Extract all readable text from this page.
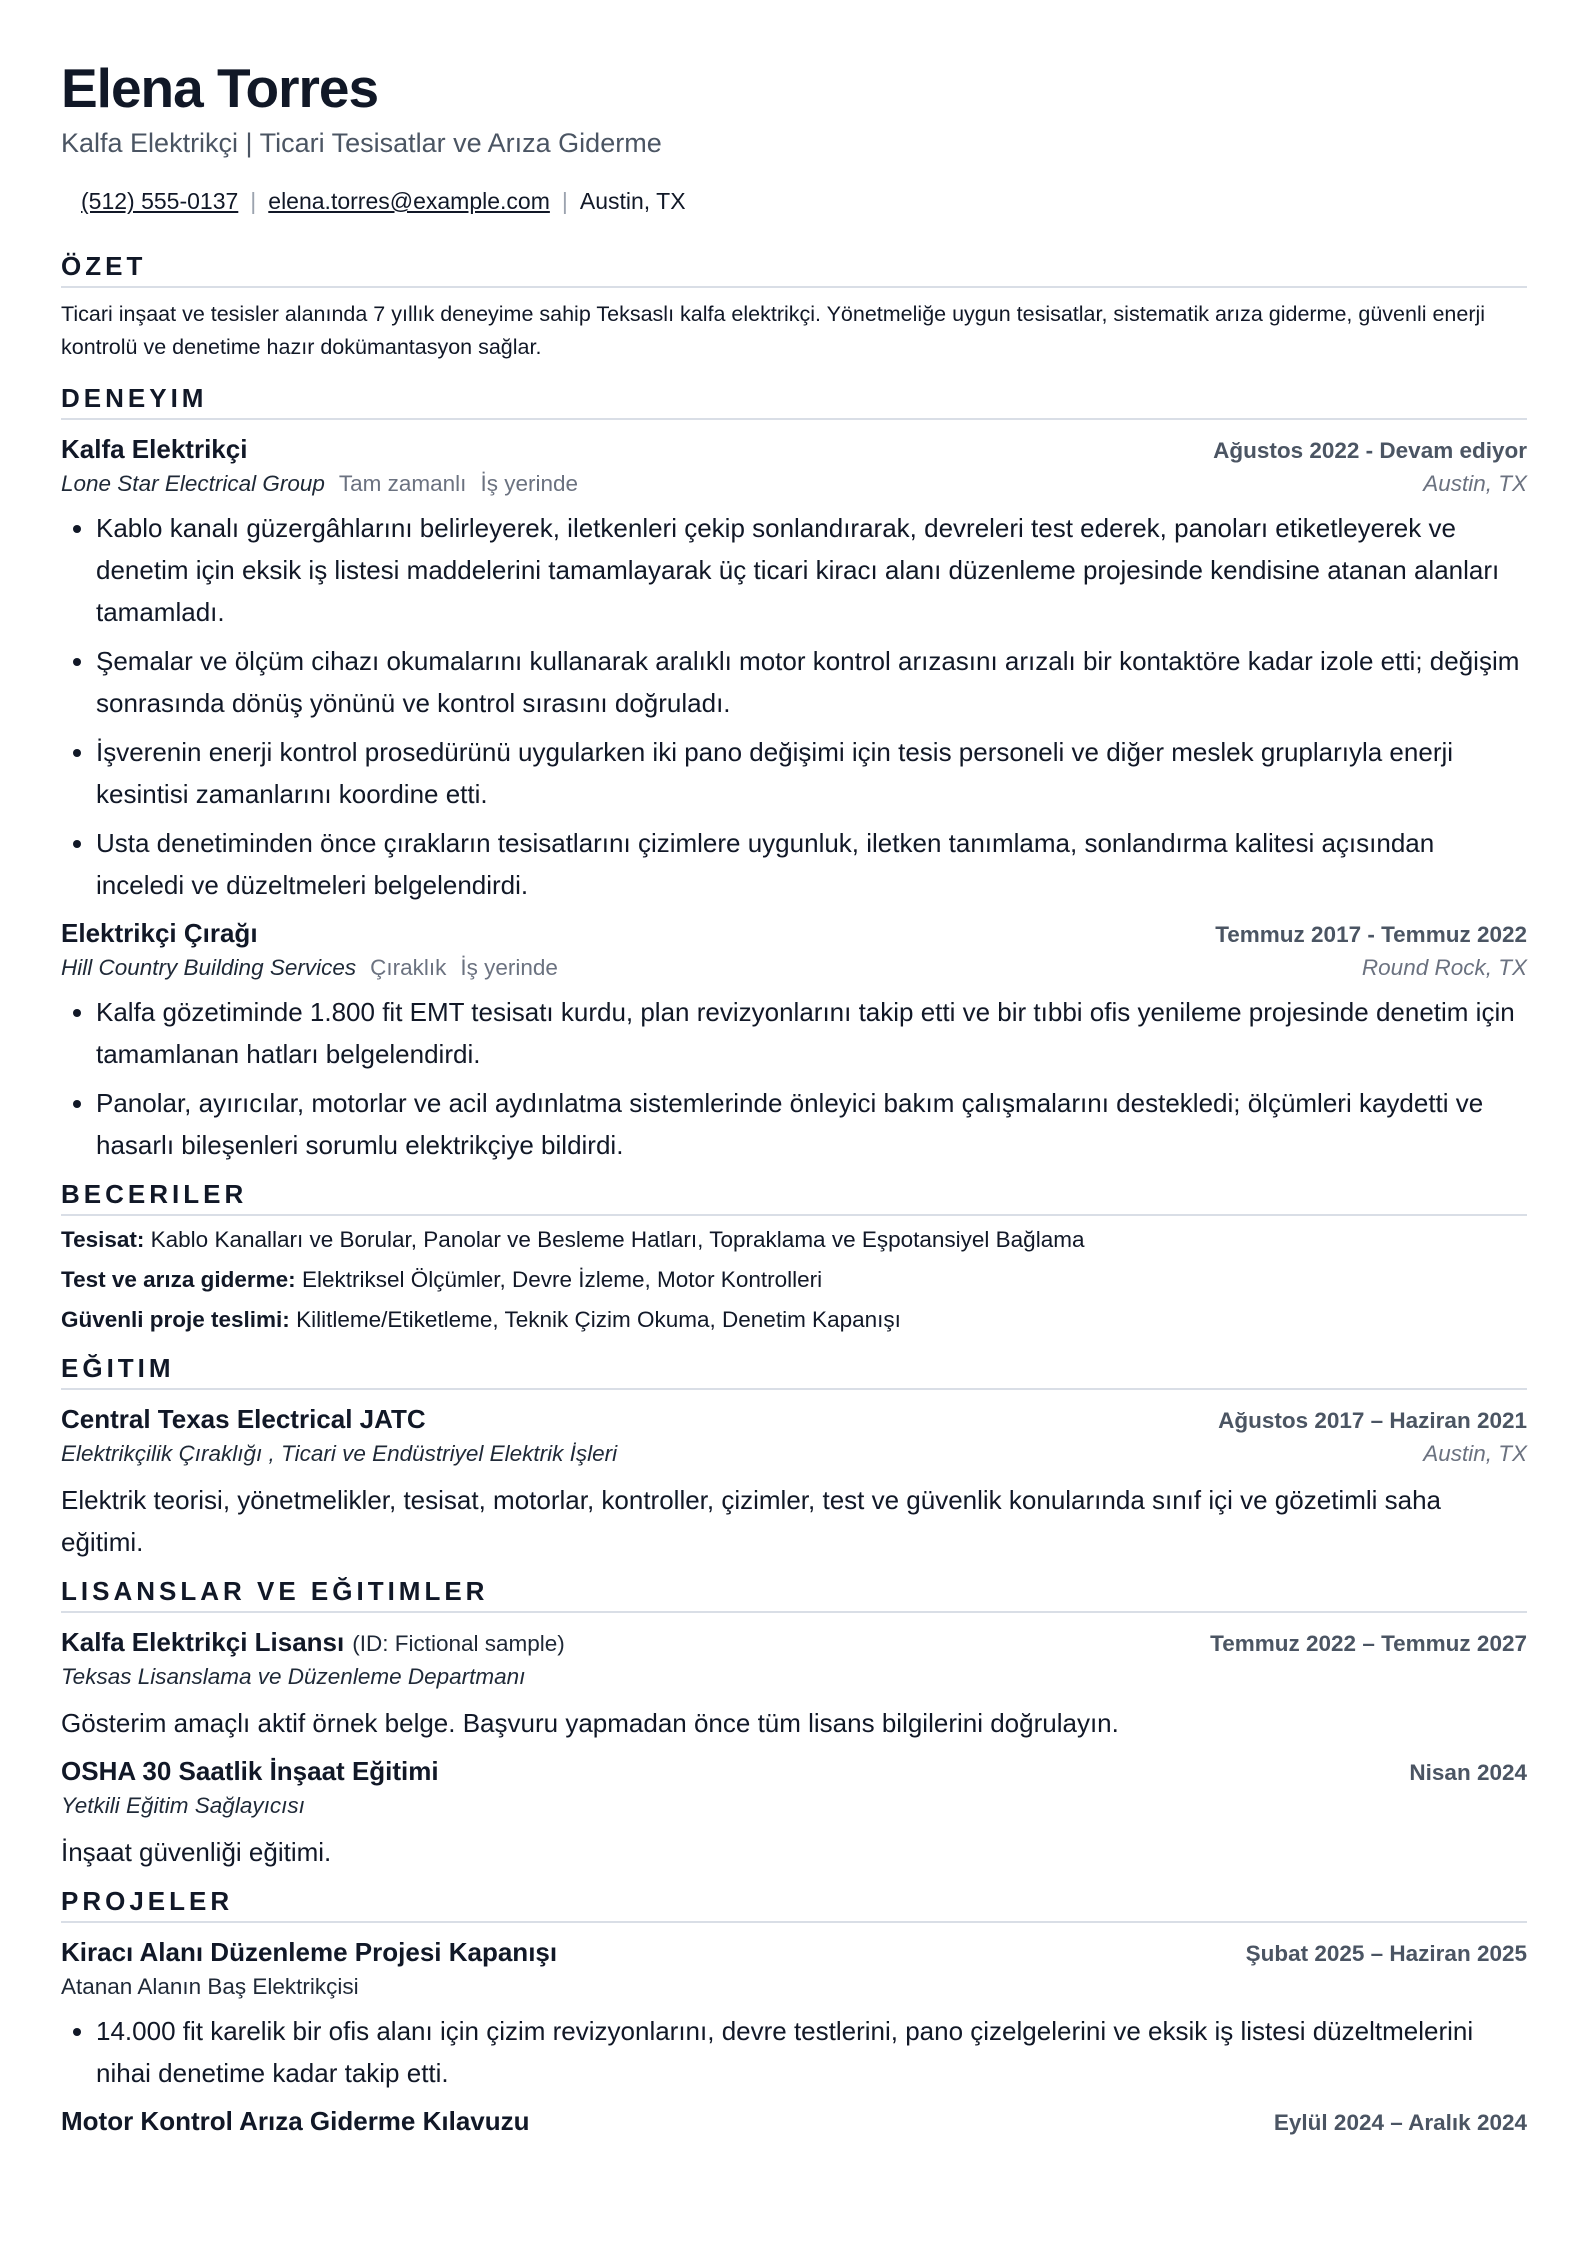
Elena Torres
Kalfa Elektrikçi | Ticari Tesisatlar ve Arıza Giderme
(512) 555-0137 | elena.torres@example.com | Austin, TX
ÖZET
Ticari inşaat ve tesisler alanında 7 yıllık deneyime sahip Teksaslı kalfa elektrikçi. Yönetmeliğe uygun tesisatlar, sistematik arıza giderme, güvenli enerji kontrolü ve denetime hazır dokümantasyon sağlar.
DENEYIM
Kalfa Elektrikçi	Ağustos 2022 - Devam ediyor
Lone Star Electrical Group Tam zamanlı İş yerinde	Austin, TX
• Kablo kanalı güzergâhlarını belirleyerek, iletkenleri çekip sonlandırarak, devreleri test ederek, panoları etiketleyerek ve denetim için eksik iş listesi maddelerini tamamlayarak üç ticari kiracı alanı düzenleme projesinde kendisine atanan alanları tamamladı.
• Şemalar ve ölçüm cihazı okumalarını kullanarak aralıklı motor kontrol arızasını arızalı bir kontaktöre kadar izole etti; değişim sonrasında dönüş yönünü ve kontrol sırasını doğruladı.
• İşverenin enerji kontrol prosedürünü uygularken iki pano değişimi için tesis personeli ve diğer meslek gruplarıyla enerji kesintisi zamanlarını koordine etti.
• Usta denetiminden önce çırakların tesisatlarını çizimlere uygunluk, iletken tanımlama, sonlandırma kalitesi açısından inceledi ve düzeltmeleri belgelendirdi.
Elektrikçi Çırağı	Temmuz 2017 - Temmuz 2022
Hill Country Building Services Çıraklık İş yerinde	Round Rock, TX
• Kalfa gözetiminde 1.800 fit EMT tesisatı kurdu, plan revizyonlarını takip etti ve bir tıbbi ofis yenileme projesinde denetim için tamamlanan hatları belgelendirdi.
• Panolar, ayırıcılar, motorlar ve acil aydınlatma sistemlerinde önleyici bakım çalışmalarını destekledi; ölçümleri kaydetti ve hasarlı bileşenleri sorumlu elektrikçiye bildirdi.
BECERILER
Tesisat: Kablo Kanalları ve Borular, Panolar ve Besleme Hatları, Topraklama ve Eşpotansiyel Bağlama
Test ve arıza giderme: Elektriksel Ölçümler, Devre İzleme, Motor Kontrolleri
Güvenli proje teslimi: Kilitleme/Etiketleme, Teknik Çizim Okuma, Denetim Kapanışı
EĞITIM
Central Texas Electrical JATC	Ağustos 2017 – Haziran 2021
Elektrikçilik Çıraklığı , Ticari ve Endüstriyel Elektrik İşleri	Austin, TX
Elektrik teorisi, yönetmelikler, tesisat, motorlar, kontroller, çizimler, test ve güvenlik konularında sınıf içi ve gözetimli saha eğitimi.
LISANSLAR VE EĞITIMLER
Kalfa Elektrikçi Lisansı (ID: Fictional sample)	Temmuz 2022 – Temmuz 2027
Teksas Lisanslama ve Düzenleme Departmanı
Gösterim amaçlı aktif örnek belge. Başvuru yapmadan önce tüm lisans bilgilerini doğrulayın.
OSHA 30 Saatlik İnşaat Eğitimi	Nisan 2024
Yetkili Eğitim Sağlayıcısı
İnşaat güvenliği eğitimi.
PROJELER
Kiracı Alanı Düzenleme Projesi Kapanışı	Şubat 2025 – Haziran 2025
Atanan Alanın Baş Elektrikçisi
• 14.000 fit karelik bir ofis alanı için çizim revizyonlarını, devre testlerini, pano çizelgelerini ve eksik iş listesi düzeltmelerini nihai denetime kadar takip etti.
Motor Kontrol Arıza Giderme Kılavuzu	Eylül 2024 – Aralık 2024
